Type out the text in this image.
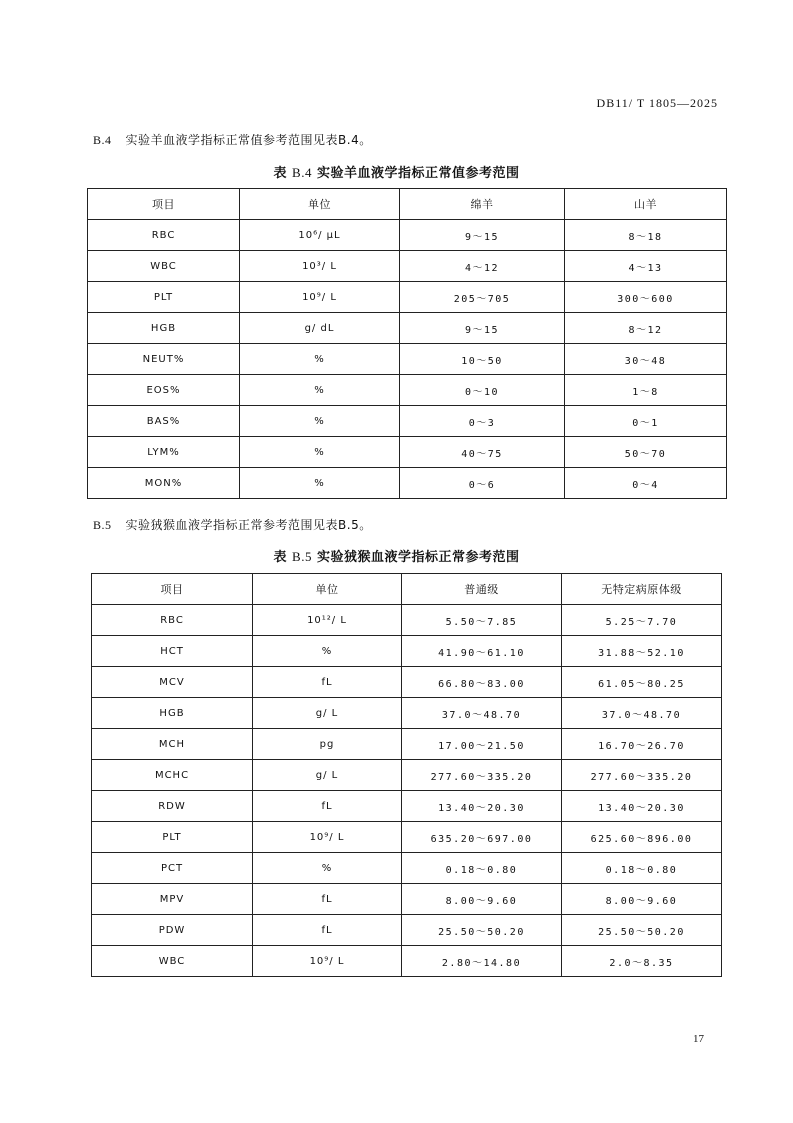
DB11/ T 1805—2025
B.4 实验羊血液学指标正常值参考范围见表B.4。
表 B.4 实验羊血液学指标正常值参考范围
项目	单位	绵羊	山羊
RBC	10⁶/ μL	9～15	8～18
WBC	10³/ L	4～12	4～13
PLT	10⁹/ L	205～705	300～600
HGB	g/ dL	9～15	8～12
NEUT%	%	10～50	30～48
EOS%	%	0～10	1～8
BAS%	%	0～3	0～1
LYM%	%	40～75	50～70
MON%	%	0～6	0～4
B.5 实验狨猴血液学指标正常参考范围见表B.5。
表 B.5 实验狨猴血液学指标正常参考范围
项目	单位	普通级	无特定病原体级
RBC	10¹²/ L	5.50～7.85	5.25～7.70
HCT	%	41.90～61.10	31.88～52.10
MCV	fL	66.80～83.00	61.05～80.25
HGB	g/ L	37.0～48.70	37.0～48.70
MCH	pg	17.00～21.50	16.70～26.70
MCHC	g/ L	277.60～335.20	277.60～335.20
RDW	fL	13.40～20.30	13.40～20.30
PLT	10⁹/ L	635.20～697.00	625.60～896.00
PCT	%	0.18～0.80	0.18～0.80
MPV	fL	8.00～9.60	8.00～9.60
PDW	fL	25.50～50.20	25.50～50.20
WBC	10⁹/ L	2.80～14.80	2.0～8.35
17
